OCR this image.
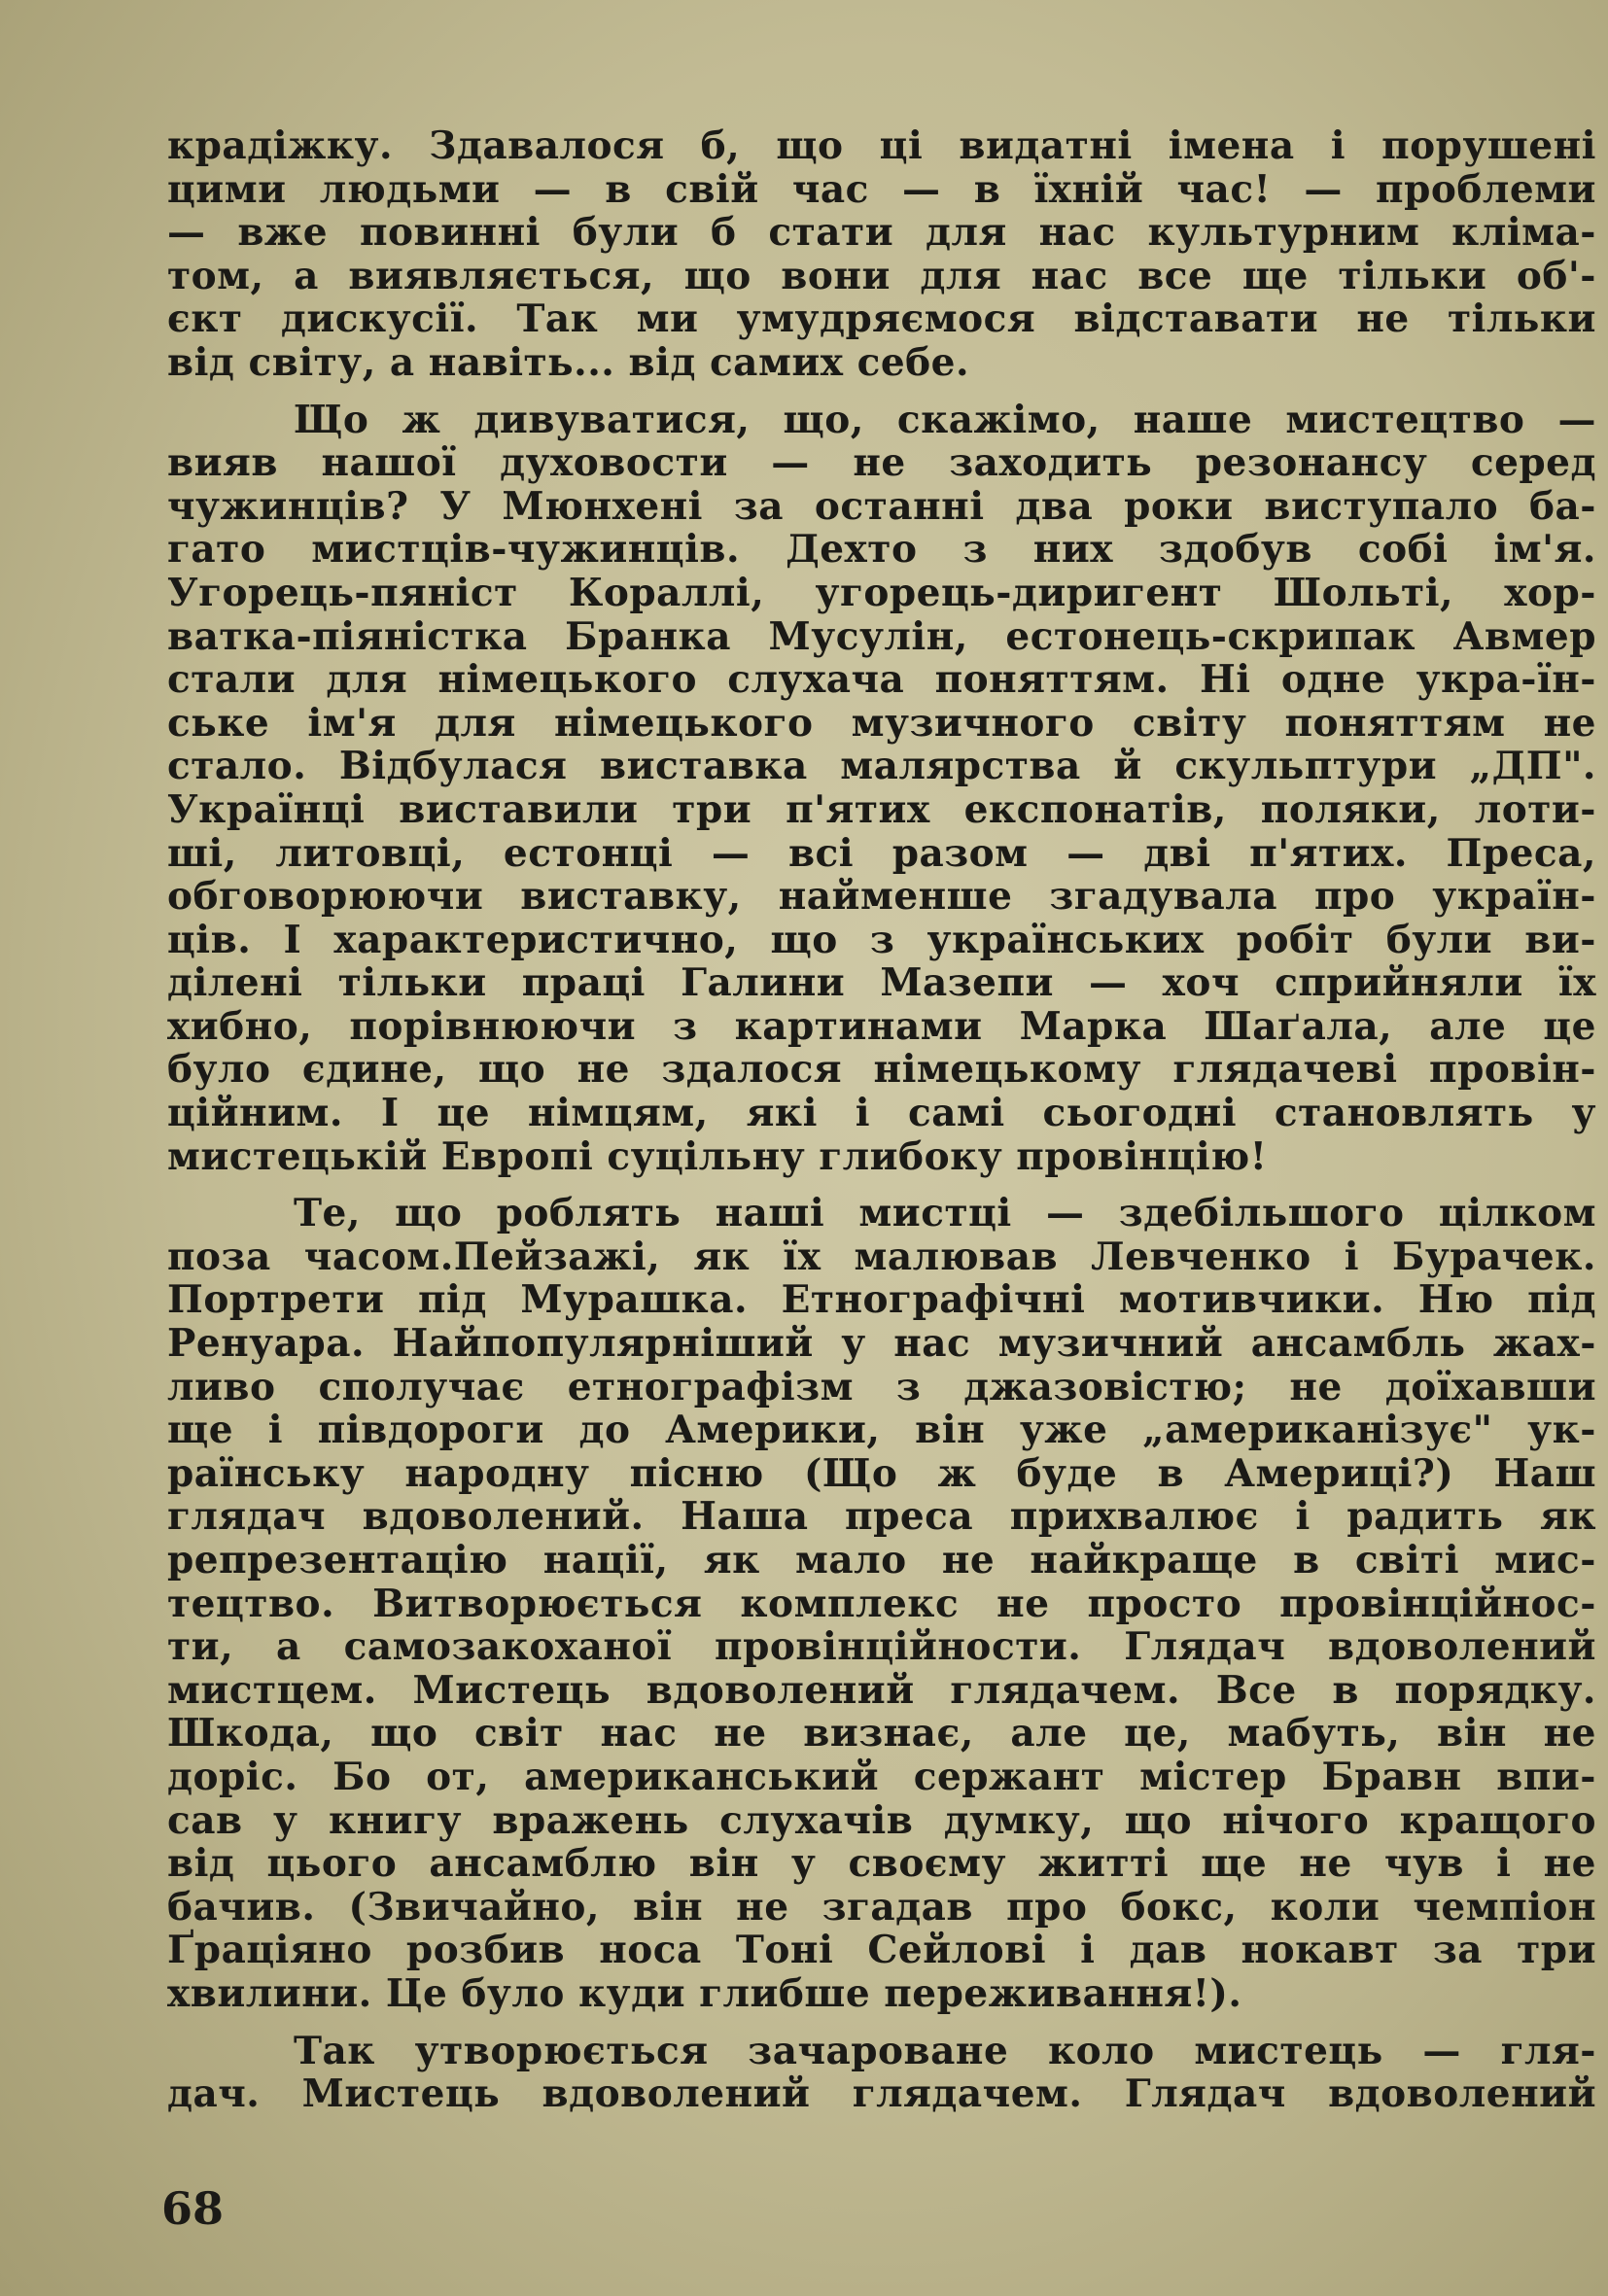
крадіжку. Здавалося б, що ці видатні імена і порушені
цими людьми — в свій час — в їхній час! — проблеми
— вже повинні були б стати для нас культурним кліма-
том, а виявляється, що вони для нас все ще тільки об'-
єкт дискусії. Так ми умудряємося відставати не тільки
від світу, а навіть... від самих себе.
Що ж дивуватися, що, скажімо, наше мистецтво —
вияв нашої духовости — не заходить резонансу серед
чужинців? У Мюнхені за останні два роки виступало ба-
гато мистців-чужинців. Дехто з них здобув собі ім'я.
Угорець-пяніст Кораллі, угорець-диригент Шольті, хор-
ватка-піяністка Бранка Мусулін, естонець-скрипак Авмер
стали для німецького слухача поняттям. Ні одне укра-їн-
ське ім'я для німецького музичного світу поняттям не
стало. Відбулася виставка малярства й скульптури „ДП".
Українці виставили три п'ятих експонатів, поляки, лоти-
ші, литовці, естонці — всі разом — дві п'ятих. Преса,
обговорюючи виставку, найменше згадувала про україн-
ців. І характеристично, що з українських робіт були ви-
ділені тільки праці Галини Мазепи — хоч сприйняли їх
хибно, порівнюючи з картинами Марка Шаґала, але це
було єдине, що не здалося німецькому глядачеві провін-
ційним. І це німцям, які і самі сьогодні становлять у
мистецькій Европі суцільну глибоку провінцію!
Те, що роблять наші мистці — здебільшого цілком
поза часом.Пейзажі, як їх малював Левченко і Бурачек.
Портрети під Мурашка. Етнографічні мотивчики. Ню під
Ренуара. Найпопулярніший у нас музичний ансамбль жах-
ливо сполучає етнографізм з джазовістю; не доїхавши
ще і півдороги до Америки, він уже „американізує" ук-
раїнську народну пісню (Що ж буде в Америці?) Наш
глядач вдоволений. Наша преса прихвалює і радить як
репрезентацію нації, як мало не найкраще в світі мис-
тецтво. Витворюється комплекс не просто провінційнос-
ти, а самозакоханої провінційности. Глядач вдоволений
мистцем. Мистець вдоволений глядачем. Все в порядку.
Шкода, що світ нас не визнає, але це, мабуть, він не
доріс. Бо от, американський сержант містер Бравн впи-
сав у книгу вражень слухачів думку, що нічого кращого
від цього ансамблю він у своєму житті ще не чув і не
бачив. (Звичайно, він не згадав про бокс, коли чемпіон
Ґраціяно розбив носа Тоні Сейлові і дав нокавт за три
хвилини. Це було куди глибше переживання!).
Так утворюється зачароване коло мистець — гля-
дач. Мистець вдоволений глядачем. Глядач вдоволений
68
